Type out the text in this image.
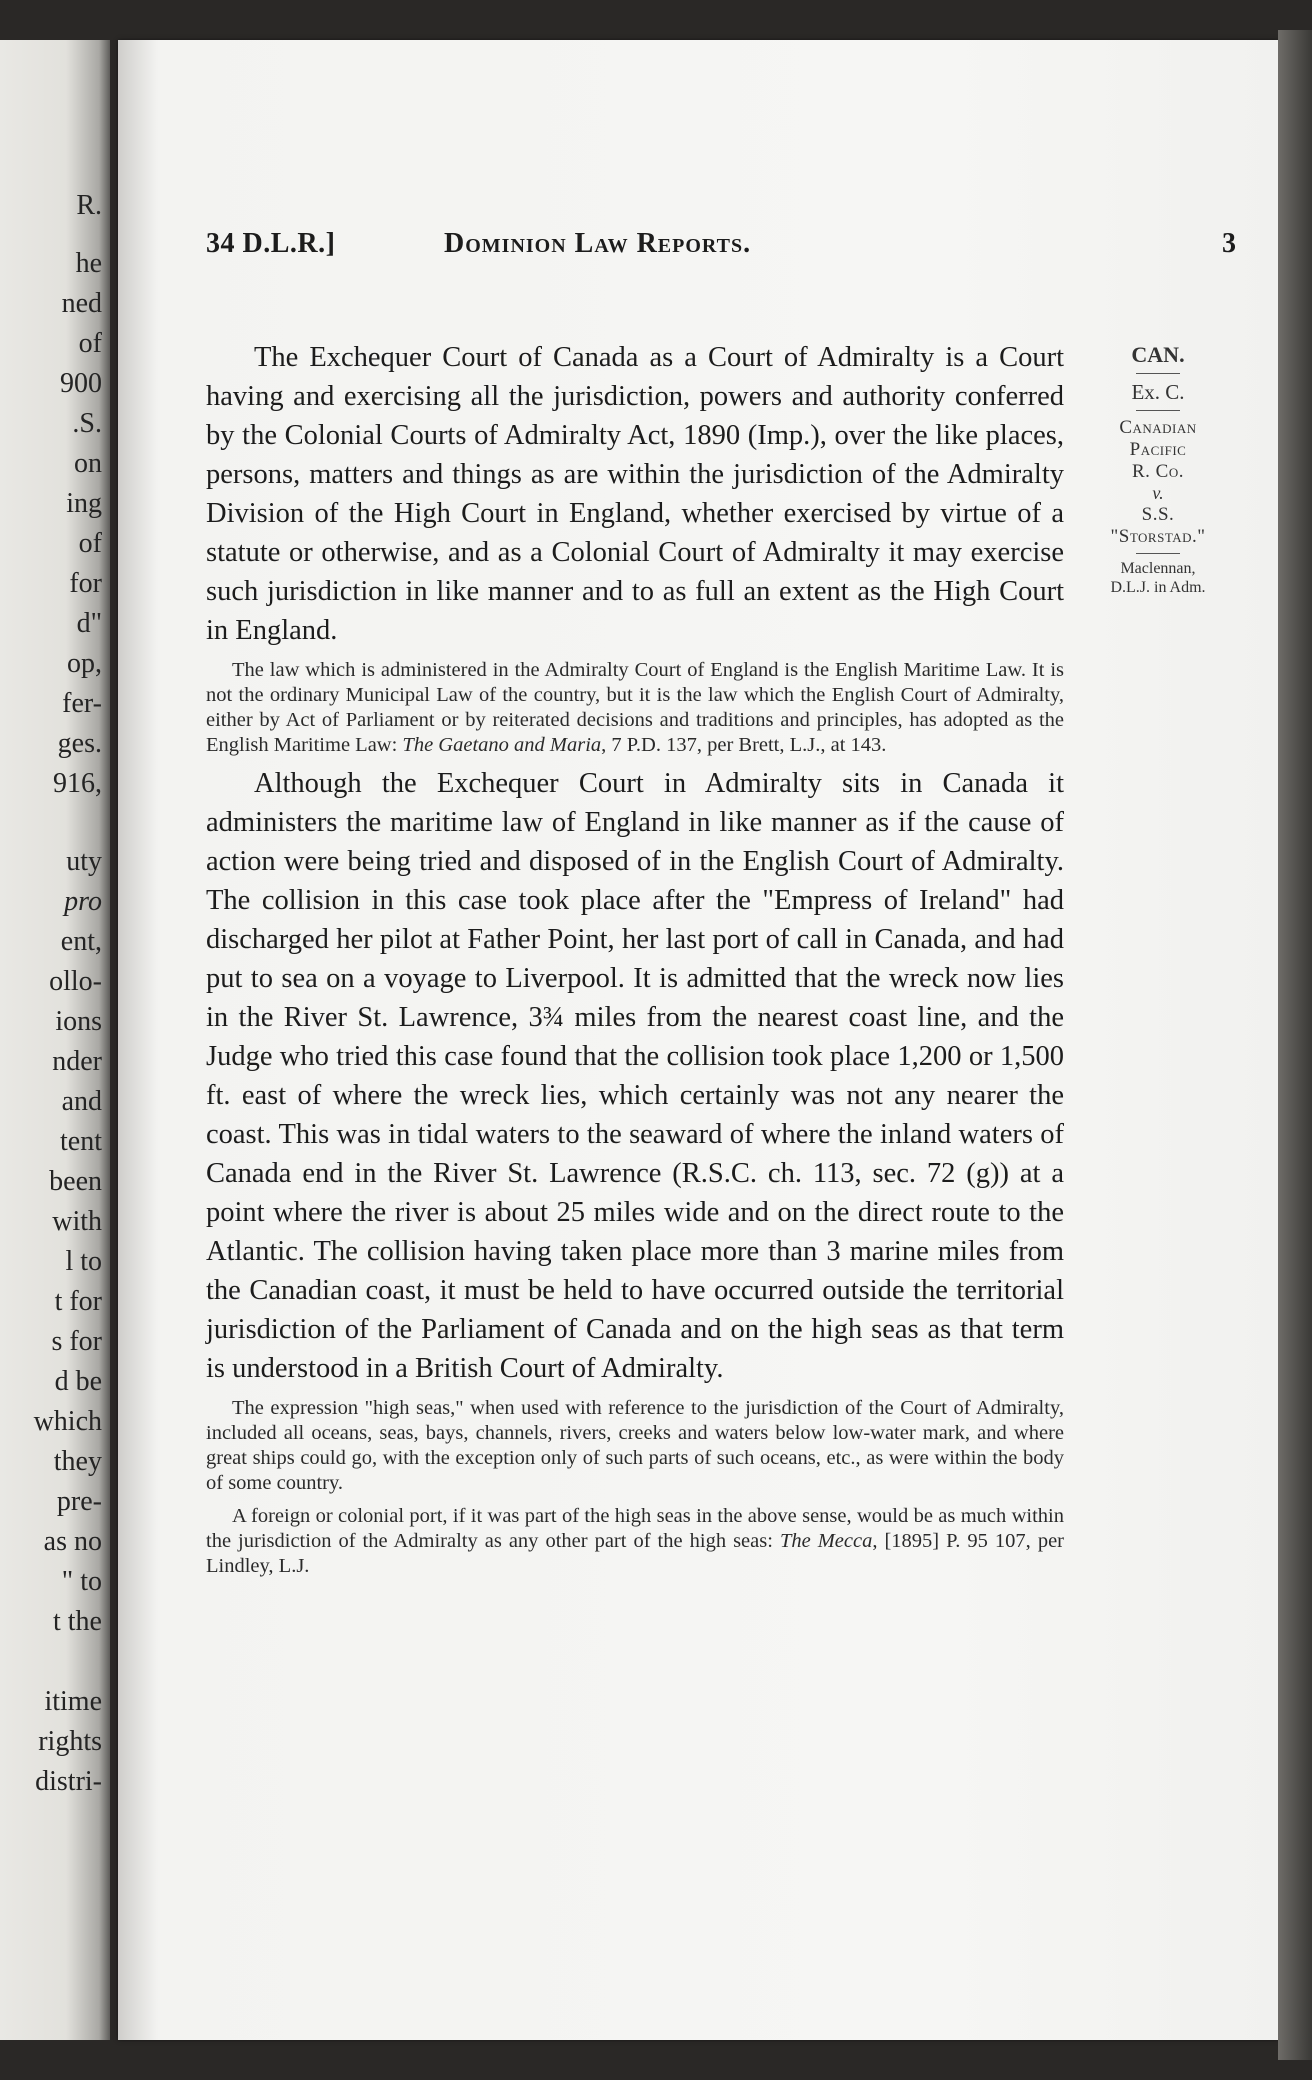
R.
he
ned
of
900
.S.
on
ing
of
for
d"
op,
fer-
ges.
916,
uty
pro
ent,
ollo-
ions
nder
and
tent
been
with
l to
t for
s for
d be
which
they
pre-
as no
" to
t the
itime
rights
distri-
34 D.L.R.]	Dominion Law Reports.	3

The Exchequer Court of Canada as a Court of Admiralty is a Court having and exercising all the jurisdiction, powers and authority conferred by the Colonial Courts of Admiralty Act, 1890 (Imp.), over the like places, persons, matters and things as are within the jurisdiction of the Admiralty Division of the High Court in England, whether exercised by virtue of a statute or otherwise, and as a Colonial Court of Admiralty it may exercise such jurisdiction in like manner and to as full an extent as the High Court in England.

The law which is administered in the Admiralty Court of England is the English Maritime Law. It is not the ordinary Municipal Law of the country, but it is the law which the English Court of Admiralty, either by Act of Parliament or by reiterated decisions and traditions and principles, has adopted as the English Maritime Law: The Gaetano and Maria, 7 P.D. 137, per Brett, L.J., at 143.

Although the Exchequer Court in Admiralty sits in Canada it administers the maritime law of England in like manner as if the cause of action were being tried and disposed of in the English Court of Admiralty. The collision in this case took place after the "Empress of Ireland" had discharged her pilot at Father Point, her last port of call in Canada, and had put to sea on a voyage to Liverpool. It is admitted that the wreck now lies in the River St. Lawrence, 3¾ miles from the nearest coast line, and the Judge who tried this case found that the collision took place 1,200 or 1,500 ft. east of where the wreck lies, which certainly was not any nearer the coast. This was in tidal waters to the seaward of where the inland waters of Canada end in the River St. Lawrence (R.S.C. ch. 113, sec. 72 (g)) at a point where the river is about 25 miles wide and on the direct route to the Atlantic. The collision having taken place more than 3 marine miles from the Canadian coast, it must be held to have occurred outside the territorial jurisdiction of the Parliament of Canada and on the high seas as that term is understood in a British Court of Admiralty.

The expression "high seas," when used with reference to the jurisdiction of the Court of Admiralty, included all oceans, seas, bays, channels, rivers, creeks and waters below low-water mark, and where great ships could go, with the exception only of such parts of such oceans, etc., as were within the body of some country.

A foreign or colonial port, if it was part of the high seas in the above sense, would be as much within the jurisdiction of the Admiralty as any other part of the high seas: The Mecca, [1895] P. 95 107, per Lindley, L.J.

CAN.
Ex. C.
Canadian
Pacific
R. Co.
v.
S.S.
"Storstad."
Maclennan,
D.L.J. in Adm.
